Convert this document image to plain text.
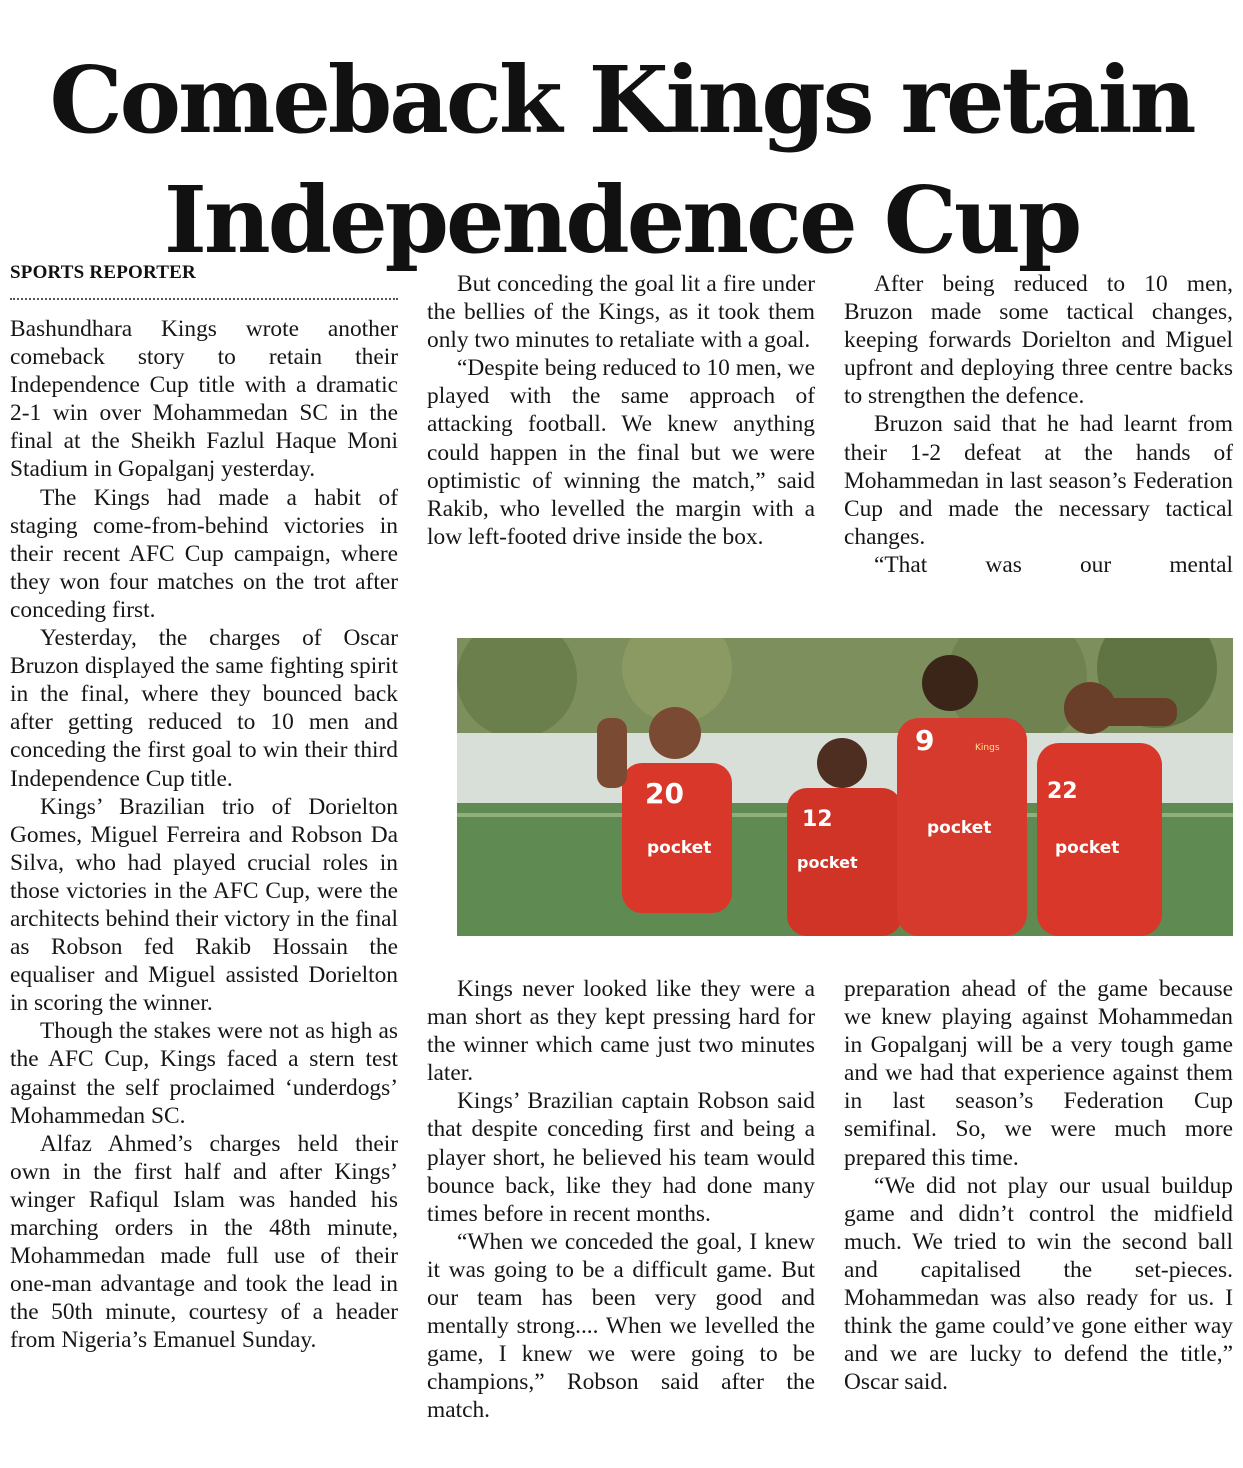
Comeback Kings retain
Independence Cup
SPORTS REPORTER

Bashundhara Kings wrote another comeback story to retain their Independence Cup title with a dramatic 2-1 win over Mohammedan SC in the final at the Sheikh Fazlul Haque Moni Stadium in Gopalganj yesterday.

The Kings had made a habit of staging come-from-behind victories in their recent AFC Cup campaign, where they won four matches on the trot after conceding first.

Yesterday, the charges of Oscar Bruzon displayed the same fighting spirit in the final, where they bounced back after getting reduced to 10 men and conceding the first goal to win their third Independence Cup title.

Kings’ Brazilian trio of Dorielton Gomes, Miguel Ferreira and Robson Da Silva, who had played crucial roles in those victories in the AFC Cup, were the architects behind their victory in the final as Robson fed Rakib Hossain the equaliser and Miguel assisted Dorielton in scoring the winner.

Though the stakes were not as high as the AFC Cup, Kings faced a stern test against the self proclaimed ‘underdogs’ Mohammedan SC.

Alfaz Ahmed’s charges held their own in the first half and after Kings’ winger Rafiqul Islam was handed his marching orders in the 48th minute, Mohammedan made full use of their one-man advantage and took the lead in the 50th minute, courtesy of a header from Nigeria’s Emanuel Sunday.

But conceding the goal lit a fire under the bellies of the Kings, as it took them only two minutes to retaliate with a goal.

“Despite being reduced to 10 men, we played with the same approach of attacking football. We knew anything could happen in the final but we were optimistic of winning the match,” said Rakib, who levelled the margin with a low left-footed drive inside the box.

After being reduced to 10 men, Bruzon made some tactical changes, keeping forwards Dorielton and Miguel upfront and deploying three centre backs to strengthen the defence.

Bruzon said that he had learnt from their 1-2 defeat at the hands of Mohammedan in last season’s Federation Cup and made the necessary tactical changes.

“That was our mental

20
12
9
22
pocket
pocket
pocket
pocket
Kings

Kings never looked like they were a man short as they kept pressing hard for the winner which came just two minutes later.

Kings’ Brazilian captain Robson said that despite conceding first and being a player short, he believed his team would bounce back, like they had done many times before in recent months.

“When we conceded the goal, I knew it was going to be a difficult game. But our team has been very good and mentally strong.... When we levelled the game, I knew we were going to be champions,” Robson said after the match.

preparation ahead of the game because we knew playing against Mohammedan in Gopalganj will be a very tough game and we had that experience against them in last season’s Federation Cup semifinal. So, we were much more prepared this time.

“We did not play our usual buildup game and didn’t control the midfield much. We tried to win the second ball and capitalised the set-pieces. Mohammedan was also ready for us. I think the game could’ve gone either way and we are lucky to defend the title,” Oscar said.
